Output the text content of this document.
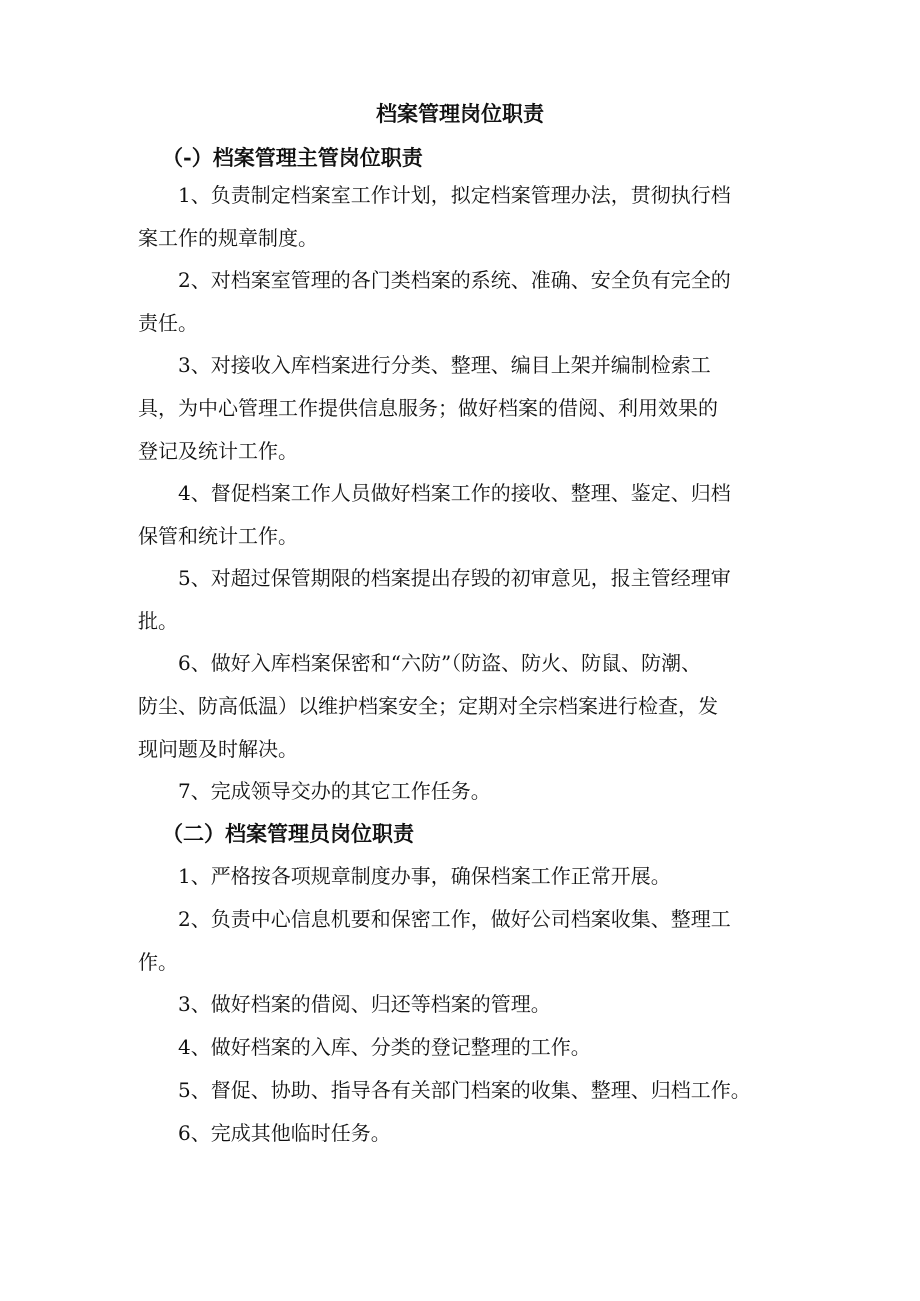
档案管理岗位职责
（-）档案管理主管岗位职责

1、负责制定档案室工作计划，拟定档案管理办法，贯彻执行档
案工作的规章制度。

2、对档案室管理的各门类档案的系统、准确、安全负有完全的
责任。

3、对接收入库档案进行分类、整理、编目上架并编制检索工
具，为中心管理工作提供信息服务；做好档案的借阅、利用效果的
登记及统计工作。

4、督促档案工作人员做好档案工作的接收、整理、鉴定、归档
保管和统计工作。

5、对超过保管期限的档案提出存毁的初审意见，报主管经理审
批。

6、做好入库档案保密和“六防”（防盗、防火、防鼠、防潮、
防尘、防高低温）以维护档案安全；定期对全宗档案进行检查，发
现问题及时解决。

7、完成领导交办的其它工作任务。

（二）档案管理员岗位职责

1、严格按各项规章制度办事，确保档案工作正常开展。

2、负责中心信息机要和保密工作，做好公司档案收集、整理工
作。

3、做好档案的借阅、归还等档案的管理。

4、做好档案的入库、分类的登记整理的工作。

5、督促、协助、指导各有关部门档案的收集、整理、归档工作。

6、完成其他临时任务。
